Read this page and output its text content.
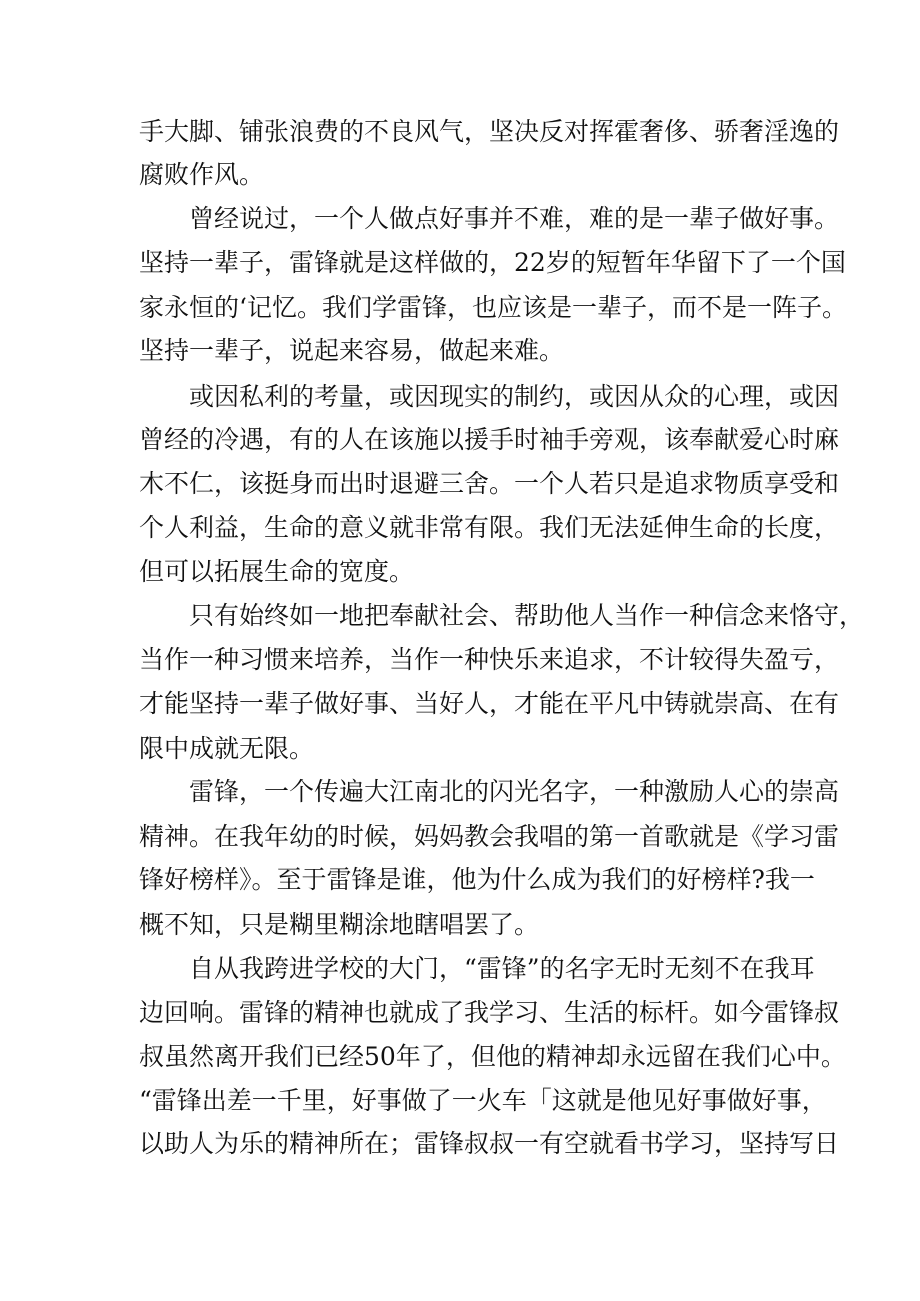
手大脚、铺张浪费的不良风气，坚决反对挥霍奢侈、骄奢淫逸的

腐败作风。

曾经说过，一个人做点好事并不难，难的是一辈子做好事。

坚持一辈子，雷锋就是这样做的，22岁的短暂年华留下了一个国

家永恒的‘记忆。我们学雷锋，也应该是一辈子，而不是一阵子。

坚持一辈子，说起来容易，做起来难。

或因私利的考量，或因现实的制约，或因从众的心理，或因

曾经的冷遇，有的人在该施以援手时袖手旁观，该奉献爱心时麻

木不仁，该挺身而出时退避三舍。一个人若只是追求物质享受和

个人利益，生命的意义就非常有限。我们无法延伸生命的长度，

但可以拓展生命的宽度。

只有始终如一地把奉献社会、帮助他人当作一种信念来恪守，

当作一种习惯来培养，当作一种快乐来追求，不计较得失盈亏，

才能坚持一辈子做好事、当好人，才能在平凡中铸就崇高、在有

限中成就无限。

雷锋，一个传遍大江南北的闪光名字，一种激励人心的崇高

精神。在我年幼的时候，妈妈教会我唱的第一首歌就是《学习雷

锋好榜样》。至于雷锋是谁，他为什么成为我们的好榜样?我一

概不知，只是糊里糊涂地瞎唱罢了。

自从我跨进学校的大门，“雷锋”的名字无时无刻不在我耳

边回响。雷锋的精神也就成了我学习、生活的标杆。如今雷锋叔

叔虽然离开我们已经50年了，但他的精神却永远留在我们心中。

“雷锋出差一千里，好事做了一火车「这就是他见好事做好事，

以助人为乐的精神所在；雷锋叔叔一有空就看书学习，坚持写日
